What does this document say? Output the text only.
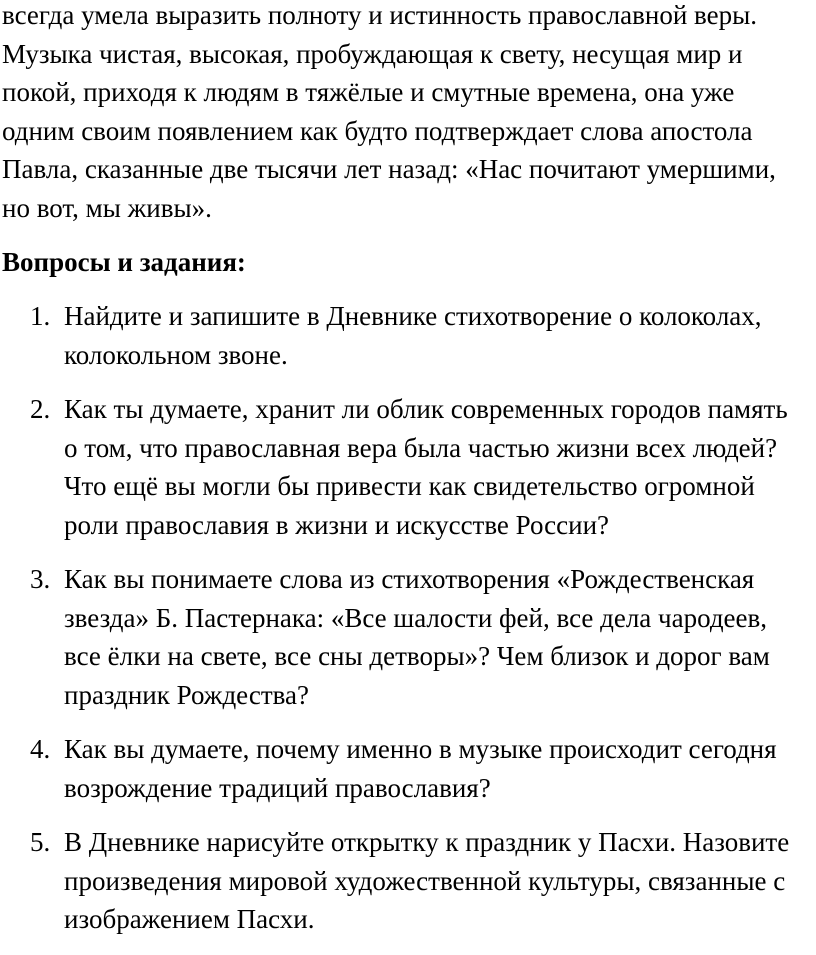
всегда умела выразить полноту и истинность православной веры.
Музыка чистая, высокая, пробуждающая к свету, несущая мир и
покой, приходя к людям в тяжёлые и смутные времена, она уже
одним своим появлением как будто подтверждает слова апостола
Павла, сказанные две тысячи лет назад: «Нас почитают умершими,
но вот, мы живы».

Вопросы и задания:
1. Найдите и запишите в Дневнике стихотворение о колоколах,
колокольном звоне.
2. Как ты думаете, хранит ли облик современных городов память
о том, что православная вера была частью жизни всех людей?
Что ещё вы могли бы привести как свидетельство огромной
роли православия в жизни и искусстве России?
3. Как вы понимаете слова из стихотворения «Рождественская
звезда» Б. Пастернака: «Все шалости фей, все дела чародеев,
все ёлки на свете, все сны детворы»? Чем близок и дорог вам
праздник Рождества?
4. Как вы думаете, почему именно в музыке происходит сегодня
возрождение традиций православия?
5. В Дневнике нарисуйте открытку к праздник у Пасхи. Назовите
произведения мировой художественной культуры, связанные с
изображением Пасхи.
